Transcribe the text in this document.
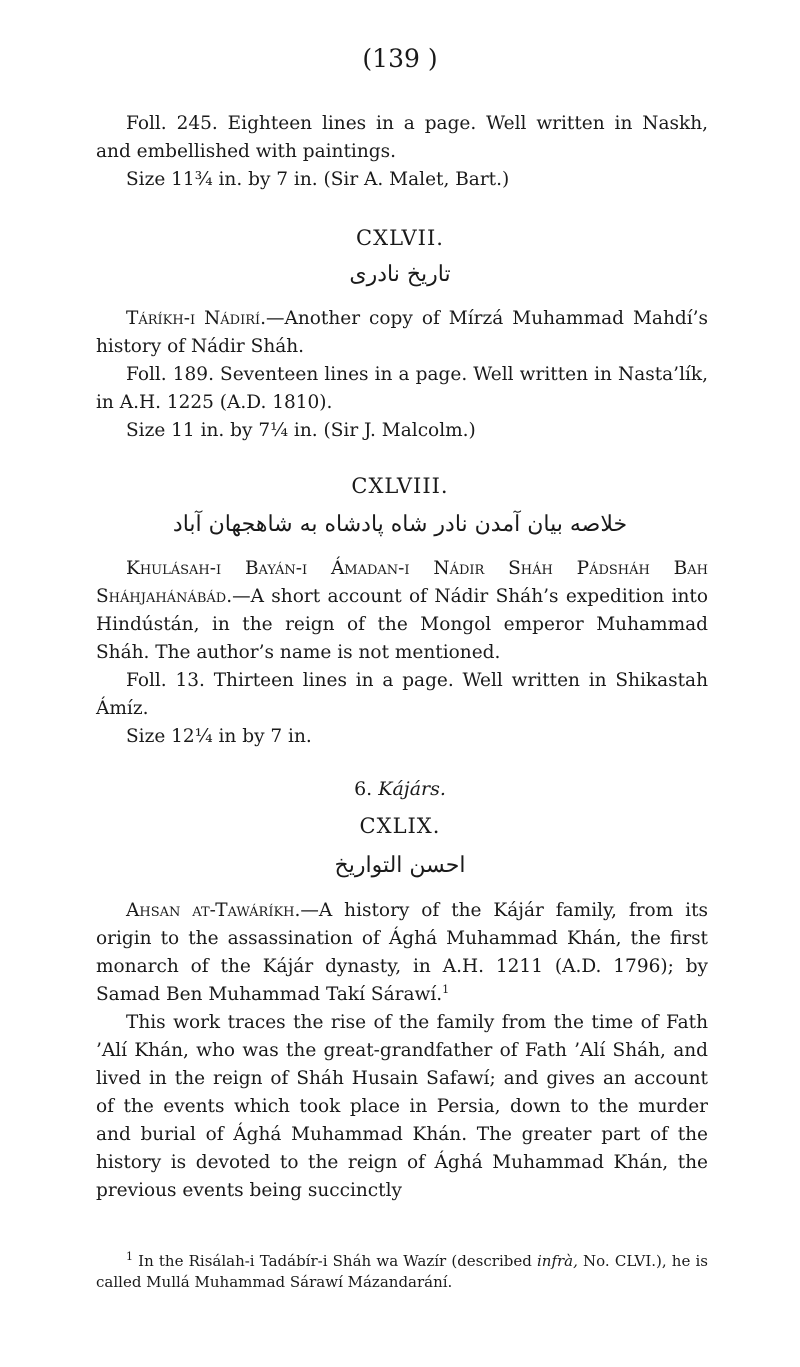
(139 )

Foll. 245. Eighteen lines in a page. Well written in Naskh, and embellished with paintings.

Size 11¾ in. by 7 in. (Sir A. Malet, Bart.)

CXLVII.
تاریخ نادری

Táríkh-i Nádirí.—Another copy of Mírzá Muhammad Mahdí’s history of Nádir Sháh.

Foll. 189. Seventeen lines in a page. Well written in Nasta’lík, in A.H. 1225 (A.D. 1810).

Size 11 in. by 7¼ in. (Sir J. Malcolm.)

CXLVIII.
خلاصه بیان آمدن نادر شاه پادشاه به شاهجهان آباد

Khulásah-i Bayán-i Ámadan-i Nádir Sháh Pádsháh Bah Sháhjahánábád.—A short account of Nádir Sháh’s expedition into Hindústán, in the reign of the Mongol emperor Muhammad Sháh. The author’s name is not mentioned.

Foll. 13. Thirteen lines in a page. Well written in Shikastah Ámíz.

Size 12¼ in by 7 in.

6. Kájárs.
CXLIX.
احسن التواریخ

Ahsan at-Tawáríkh.—A history of the Kájár family, from its origin to the assassination of Ághá Muhammad Khán, the first monarch of the Kájár dynasty, in A.H. 1211 (A.D. 1796); by Samad Ben Muhammad Takí Sárawí.$^1$

This work traces the rise of the family from the time of Fath ’Alí Khán, who was the great-grandfather of Fath ’Alí Sháh, and lived in the reign of Sháh Husain Safawí; and gives an account of the events which took place in Persia, down to the murder and burial of Ághá Muhammad Khán. The greater part of the history is devoted to the reign of Ághá Muhammad Khán, the previous events being succinctly

$^1$ In the Risálah-i Tadábír-i Sháh wa Wazír (described infrà, No. CLVI.), he is called Mullá Muhammad Sárawí Mázandarání.
